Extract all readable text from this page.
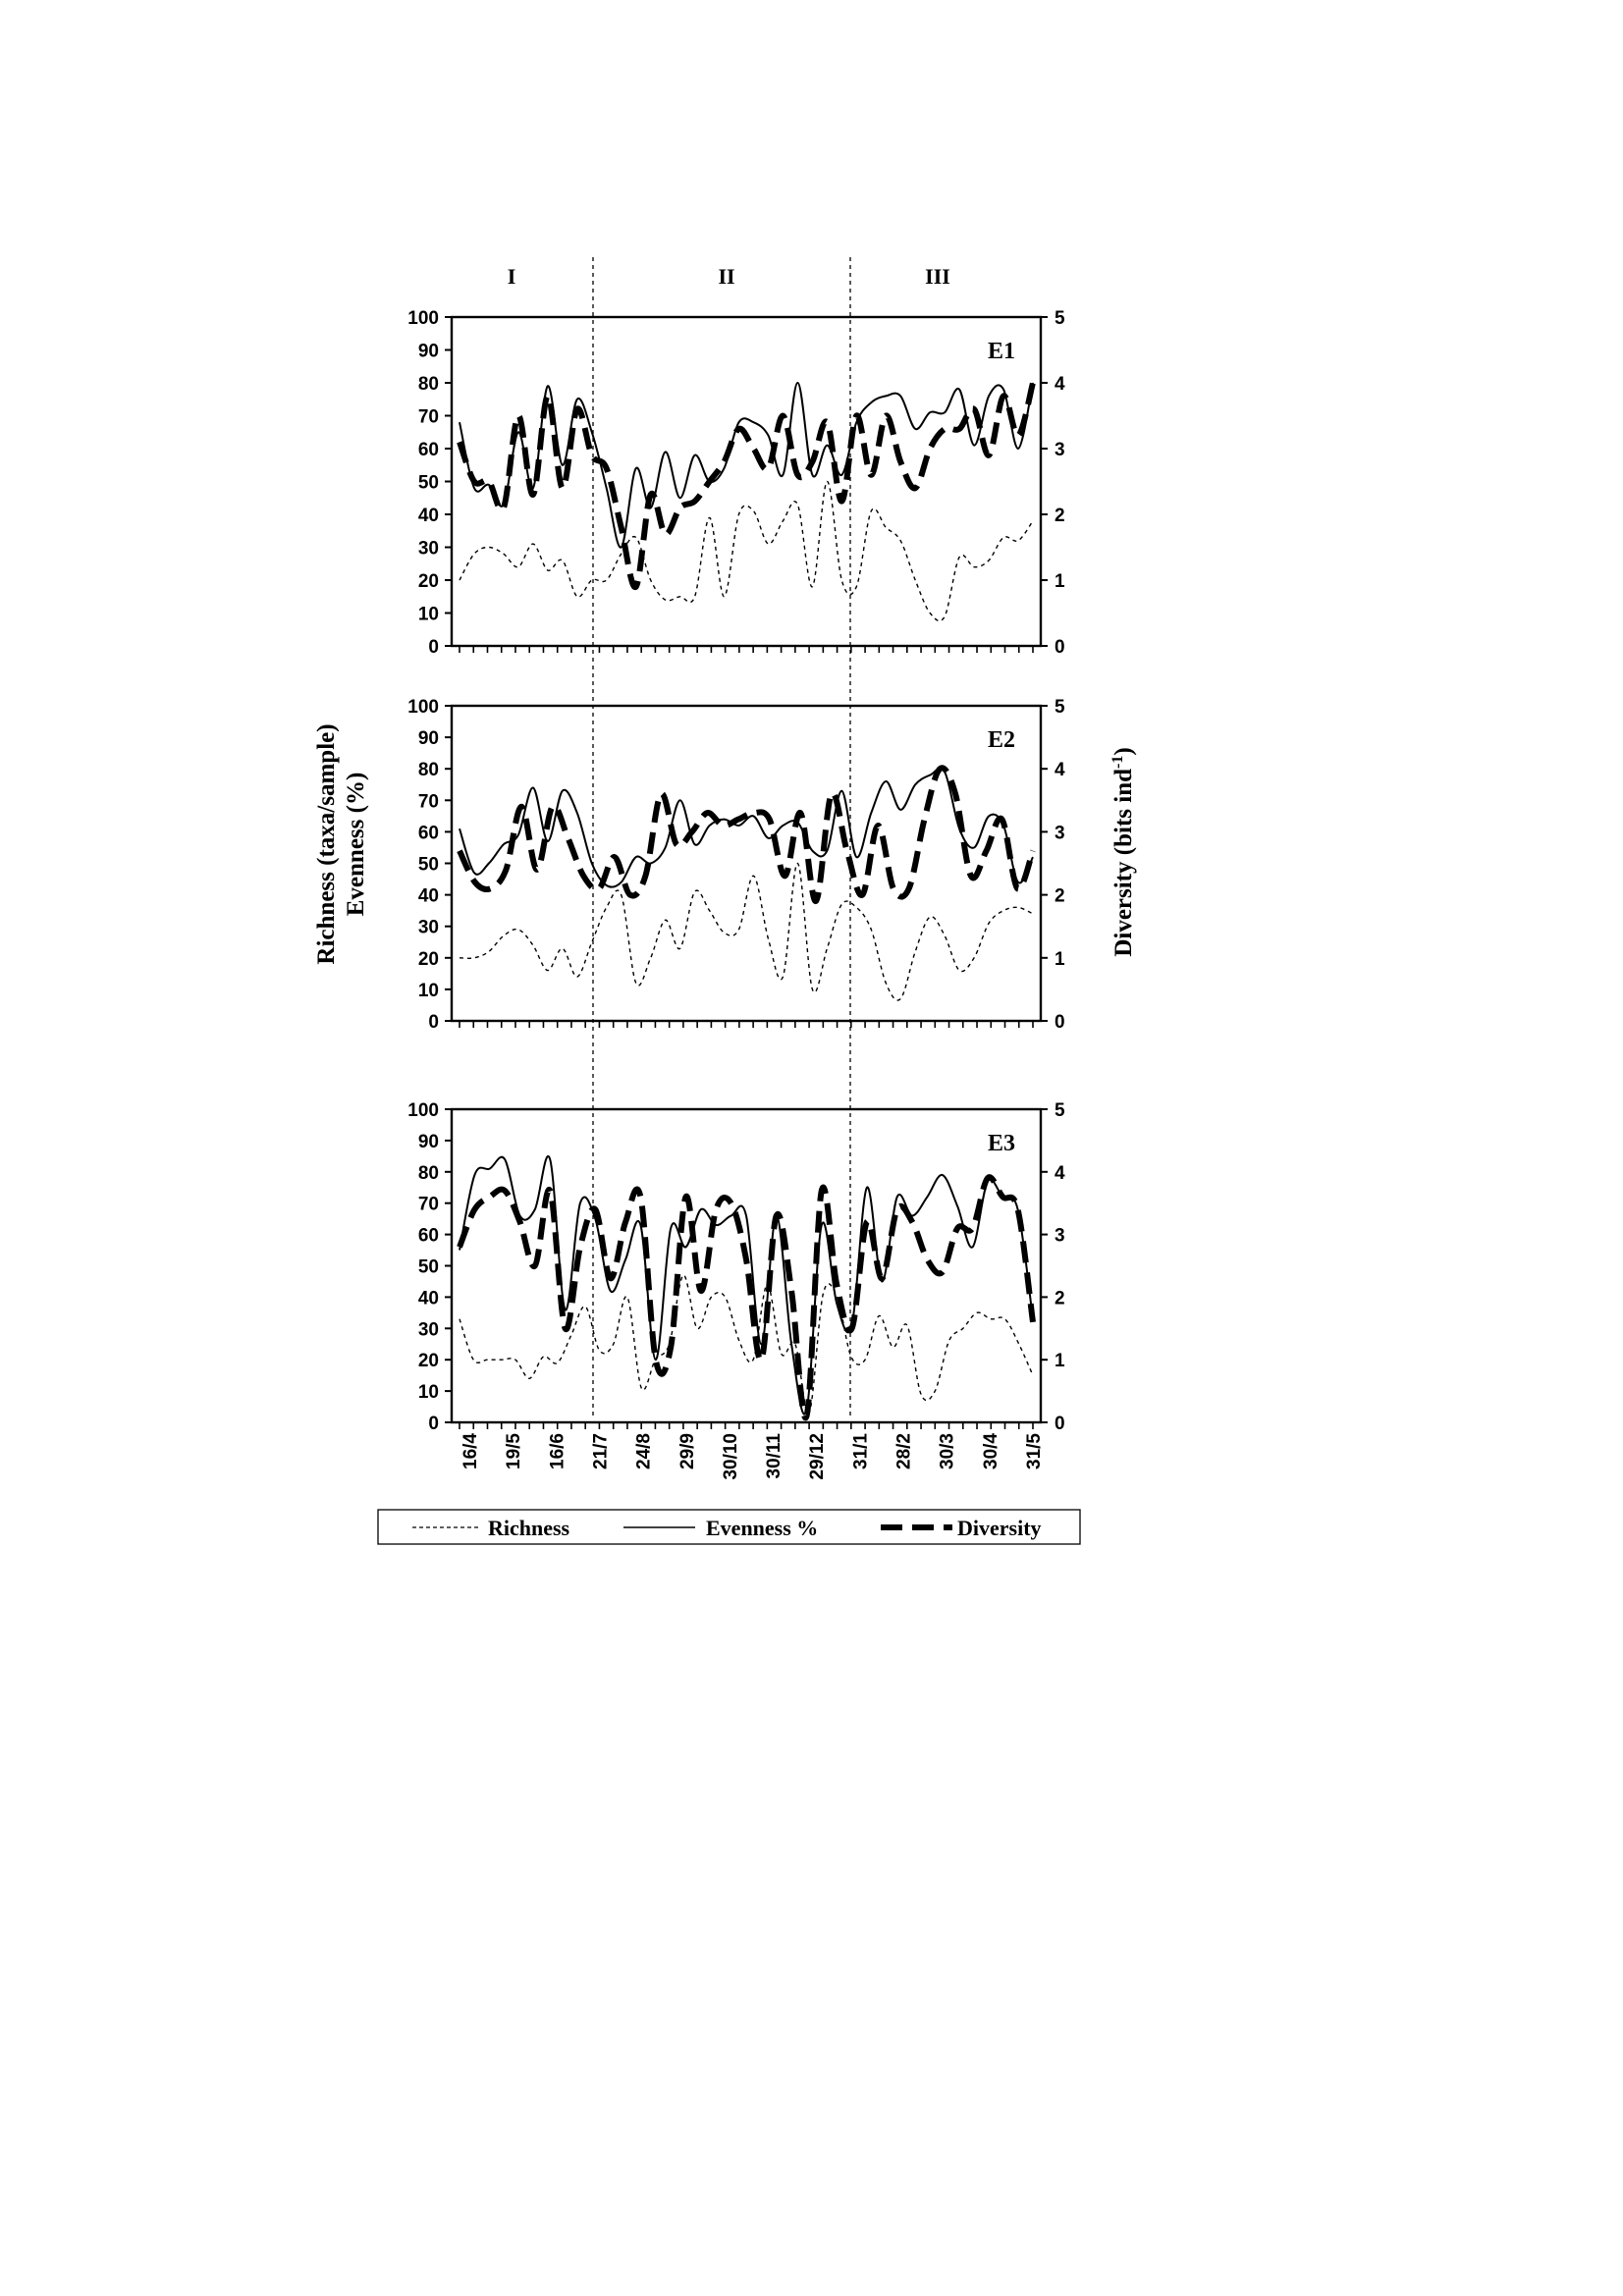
I	II	III
0
10
20
30
40
50
60
70
80
90
100
0
1
2
3
4
5
E1
0
10
20
30
40
50
60
70
80
90
100
0
1
2
3
4
5
E2
0
10
20
30
40
50
60
70
80
90
100
0
1
2
3
4
5
E3
16/4 19/5 16/6 21/7 24/8 29/9 30/10 30/11 29/12 31/1 28/2 30/3 30/4 31/5
Richness (taxa/sample) Evenness (%)	Diversity (bits ind$^{-1}$)
Richness	Evenness %	Diversity
